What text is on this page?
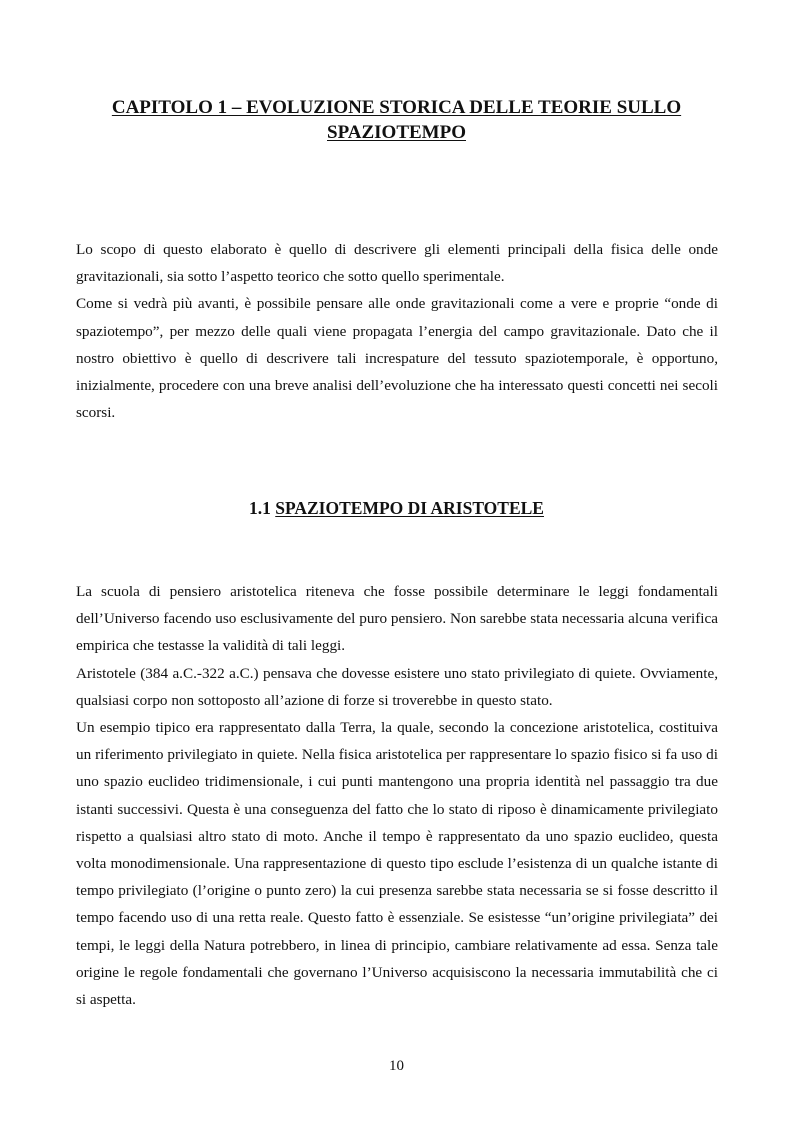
CAPITOLO 1 – EVOLUZIONE STORICA DELLE TEORIE SULLO
SPAZIOTEMPO

Lo scopo di questo elaborato è quello di descrivere gli elementi principali della fisica delle onde gravitazionali, sia sotto l’aspetto teorico che sotto quello sperimentale.

Come si vedrà più avanti, è possibile pensare alle onde gravitazionali come a vere e proprie “onde di spaziotempo”, per mezzo delle quali viene propagata l’energia del campo gravitazionale. Dato che il nostro obiettivo è quello di descrivere tali increspature del tessuto spaziotemporale, è opportuno, inizialmente, procedere con una breve analisi dell’evoluzione che ha interessato questi concetti nei secoli scorsi.

1.1 SPAZIOTEMPO DI ARISTOTELE

La scuola di pensiero aristotelica riteneva che fosse possibile determinare le leggi fondamentali dell’Universo facendo uso esclusivamente del puro pensiero. Non sarebbe stata necessaria alcuna verifica empirica che testasse la validità di tali leggi.

Aristotele (384 a.C.-322 a.C.) pensava che dovesse esistere uno stato privilegiato di quiete. Ovviamente, qualsiasi corpo non sottoposto all’azione di forze si troverebbe in questo stato.

Un esempio tipico era rappresentato dalla Terra, la quale, secondo la concezione aristotelica, costituiva un riferimento privilegiato in quiete. Nella fisica aristotelica per rappresentare lo spazio fisico si fa uso di uno spazio euclideo tridimensionale, i cui punti mantengono una propria identità nel passaggio tra due istanti successivi. Questa è una conseguenza del fatto che lo stato di riposo è dinamicamente privilegiato rispetto a qualsiasi altro stato di moto. Anche il tempo è rappresentato da uno spazio euclideo, questa volta monodimensionale. Una rappresentazione di questo tipo esclude l’esistenza di un qualche istante di tempo privilegiato (l’origine o punto zero) la cui presenza sarebbe stata necessaria se si fosse descritto il tempo facendo uso di una retta reale. Questo fatto è essenziale. Se esistesse “un’origine privilegiata” dei tempi, le leggi della Natura potrebbero, in linea di principio, cambiare relativamente ad essa. Senza tale origine le regole fondamentali che governano l’Universo acquisiscono la necessaria immutabilità che ci si aspetta.

10
